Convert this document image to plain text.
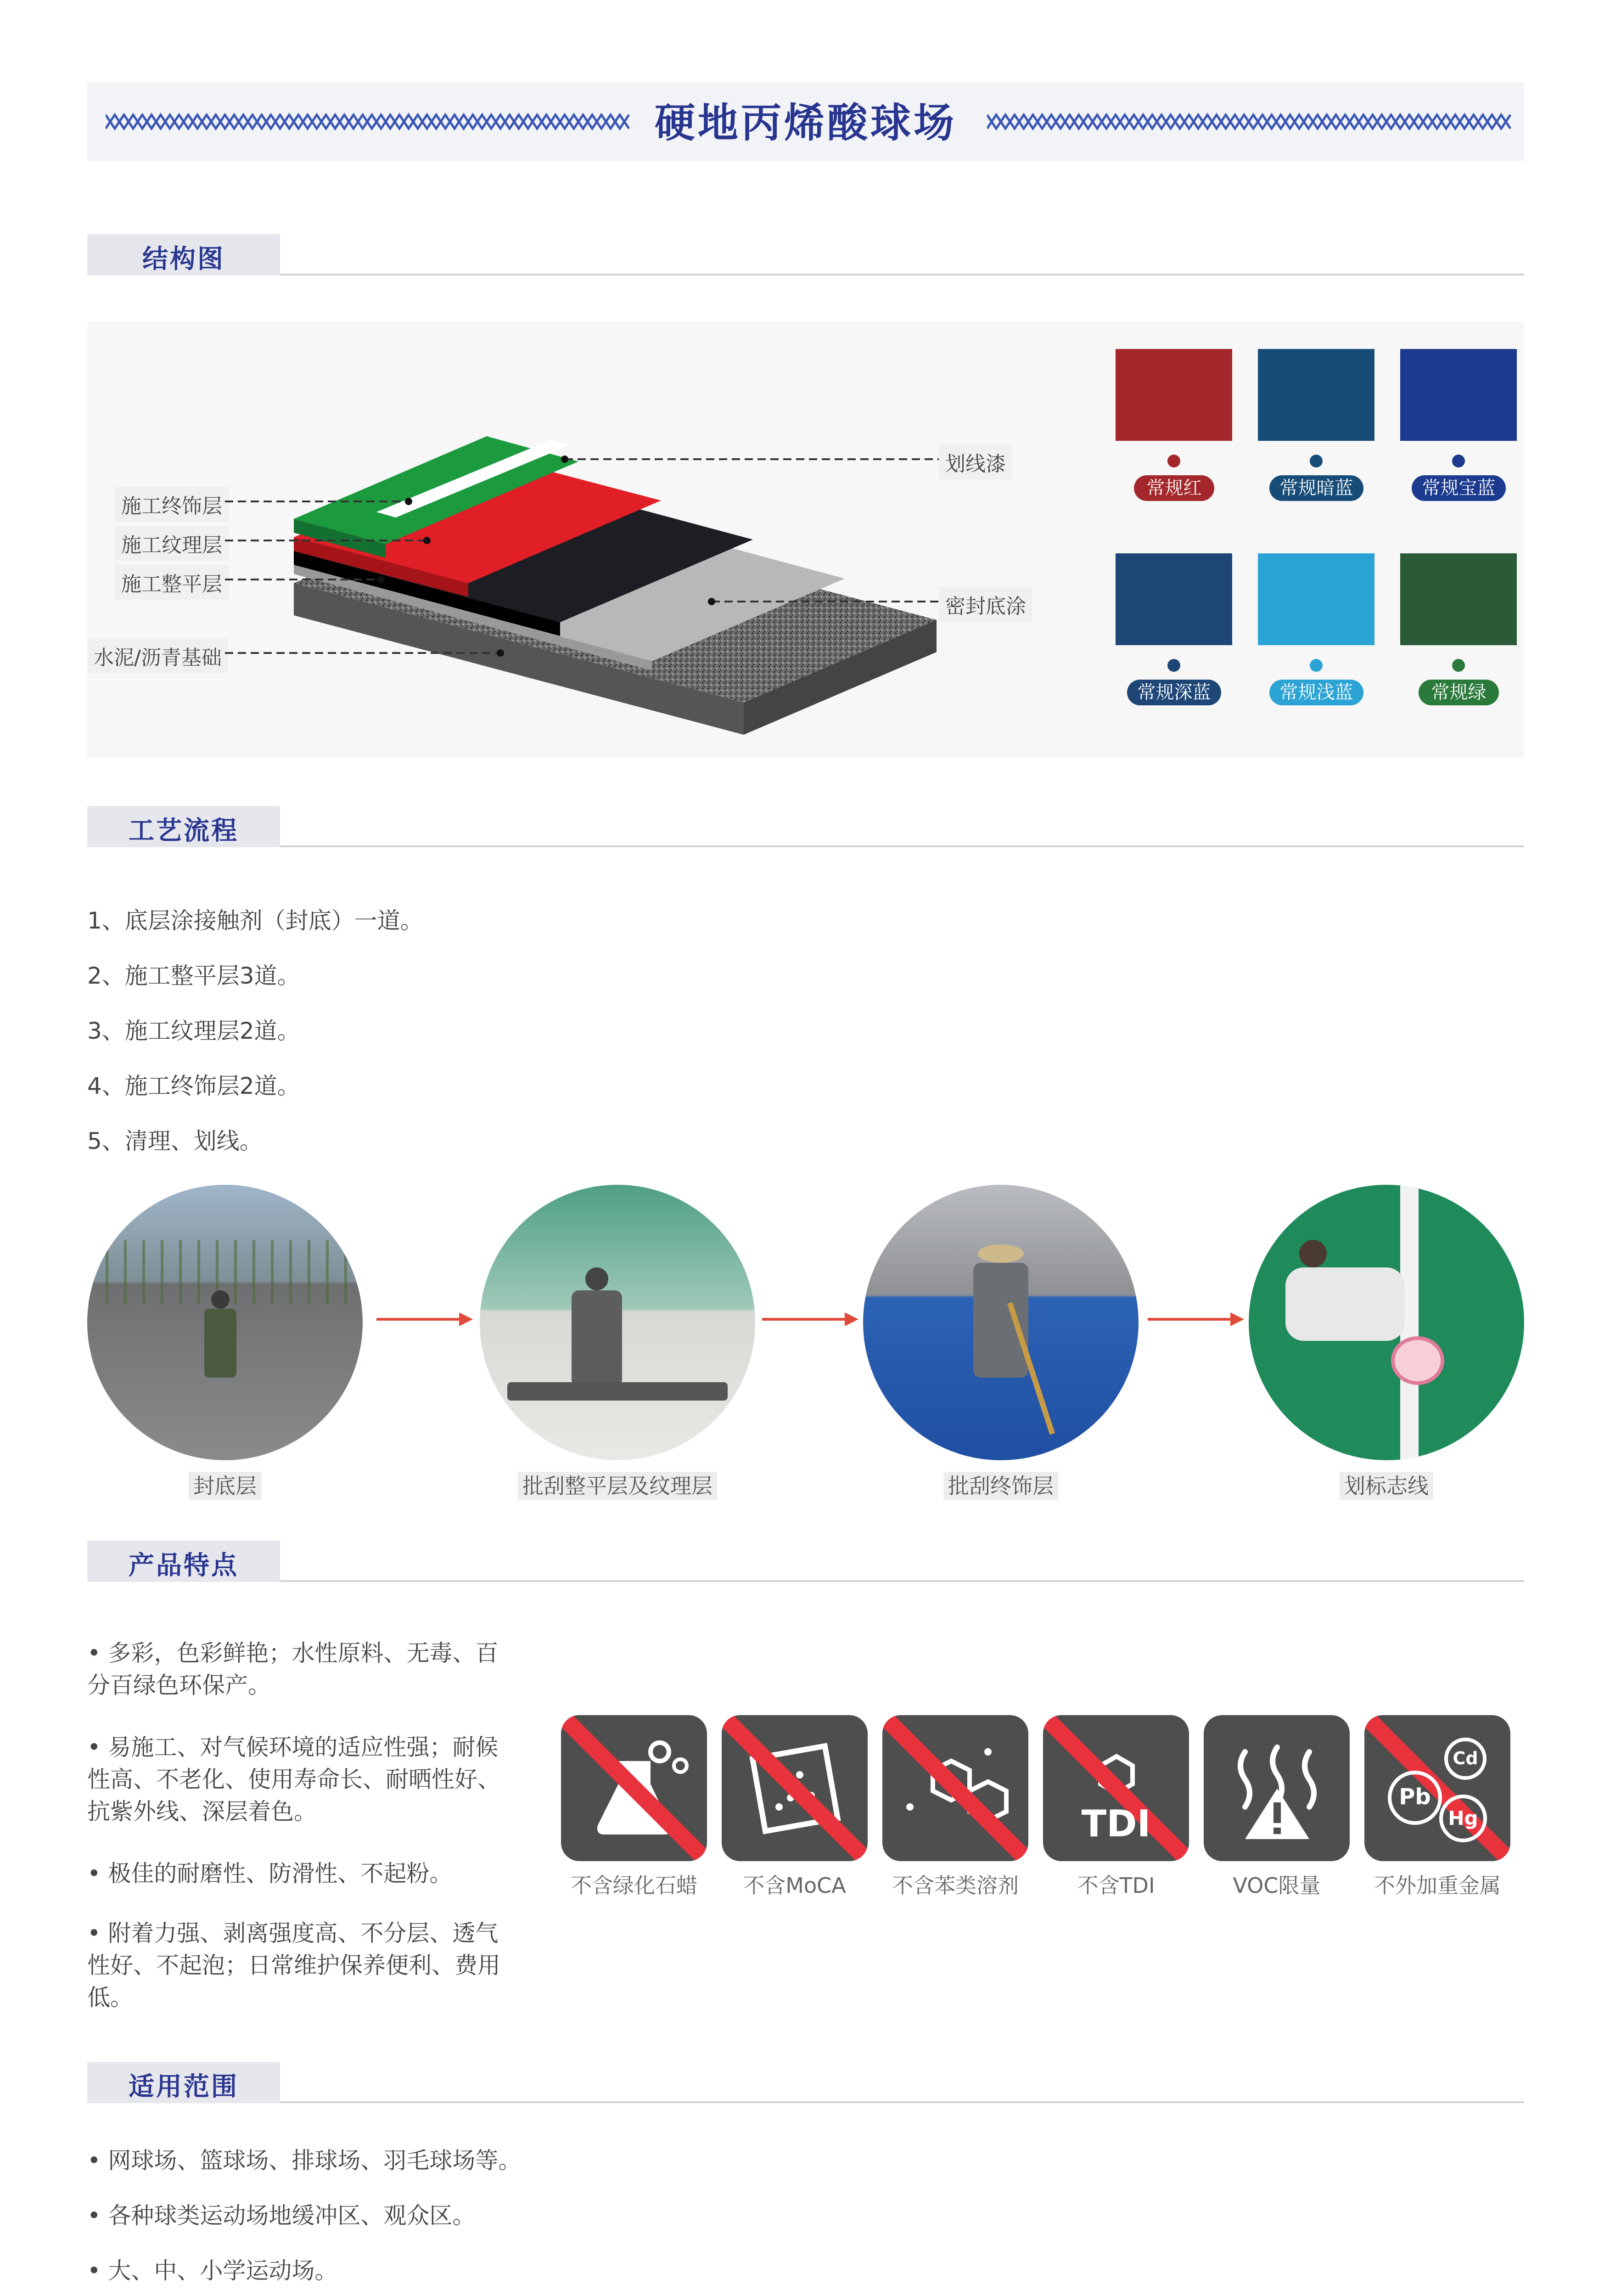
硬地丙烯酸球场
结构图
施工终饰层
施工纹理层
施工整平层
水泥/沥青基础
划线漆
密封底涂
常规红	常规暗蓝	常规宝蓝
常规深蓝	常规浅蓝	常规绿
工艺流程
1、底层涂接触剂（封底）一道。
2、施工整平层3道。
3、施工纹理层2道。
4、施工终饰层2道。
5、清理、划线。
封底层	批刮整平层及纹理层	批刮终饰层	划标志线
产品特点
• 多彩，色彩鲜艳；水性原料、无毒、百分百绿色环保产。
• 易施工、对气候环境的适应性强；耐候性高、不老化、使用寿命长、耐晒性好、抗紫外线、深层着色。
• 极佳的耐磨性、防滑性、不起粉。
• 附着力强、剥离强度高、不分层、透气性好、不起泡；日常维护保养便利、费用低。
不含绿化石蜡	不含MoCA	不含苯类溶剂
TDI
不含TDI	VOC限量
Pb
Cd
Hg
不外加重金属
适用范围
• 网球场、篮球场、排球场、羽毛球场等。
• 各种球类运动场地缓冲区、观众区。
• 大、中、小学运动场。
